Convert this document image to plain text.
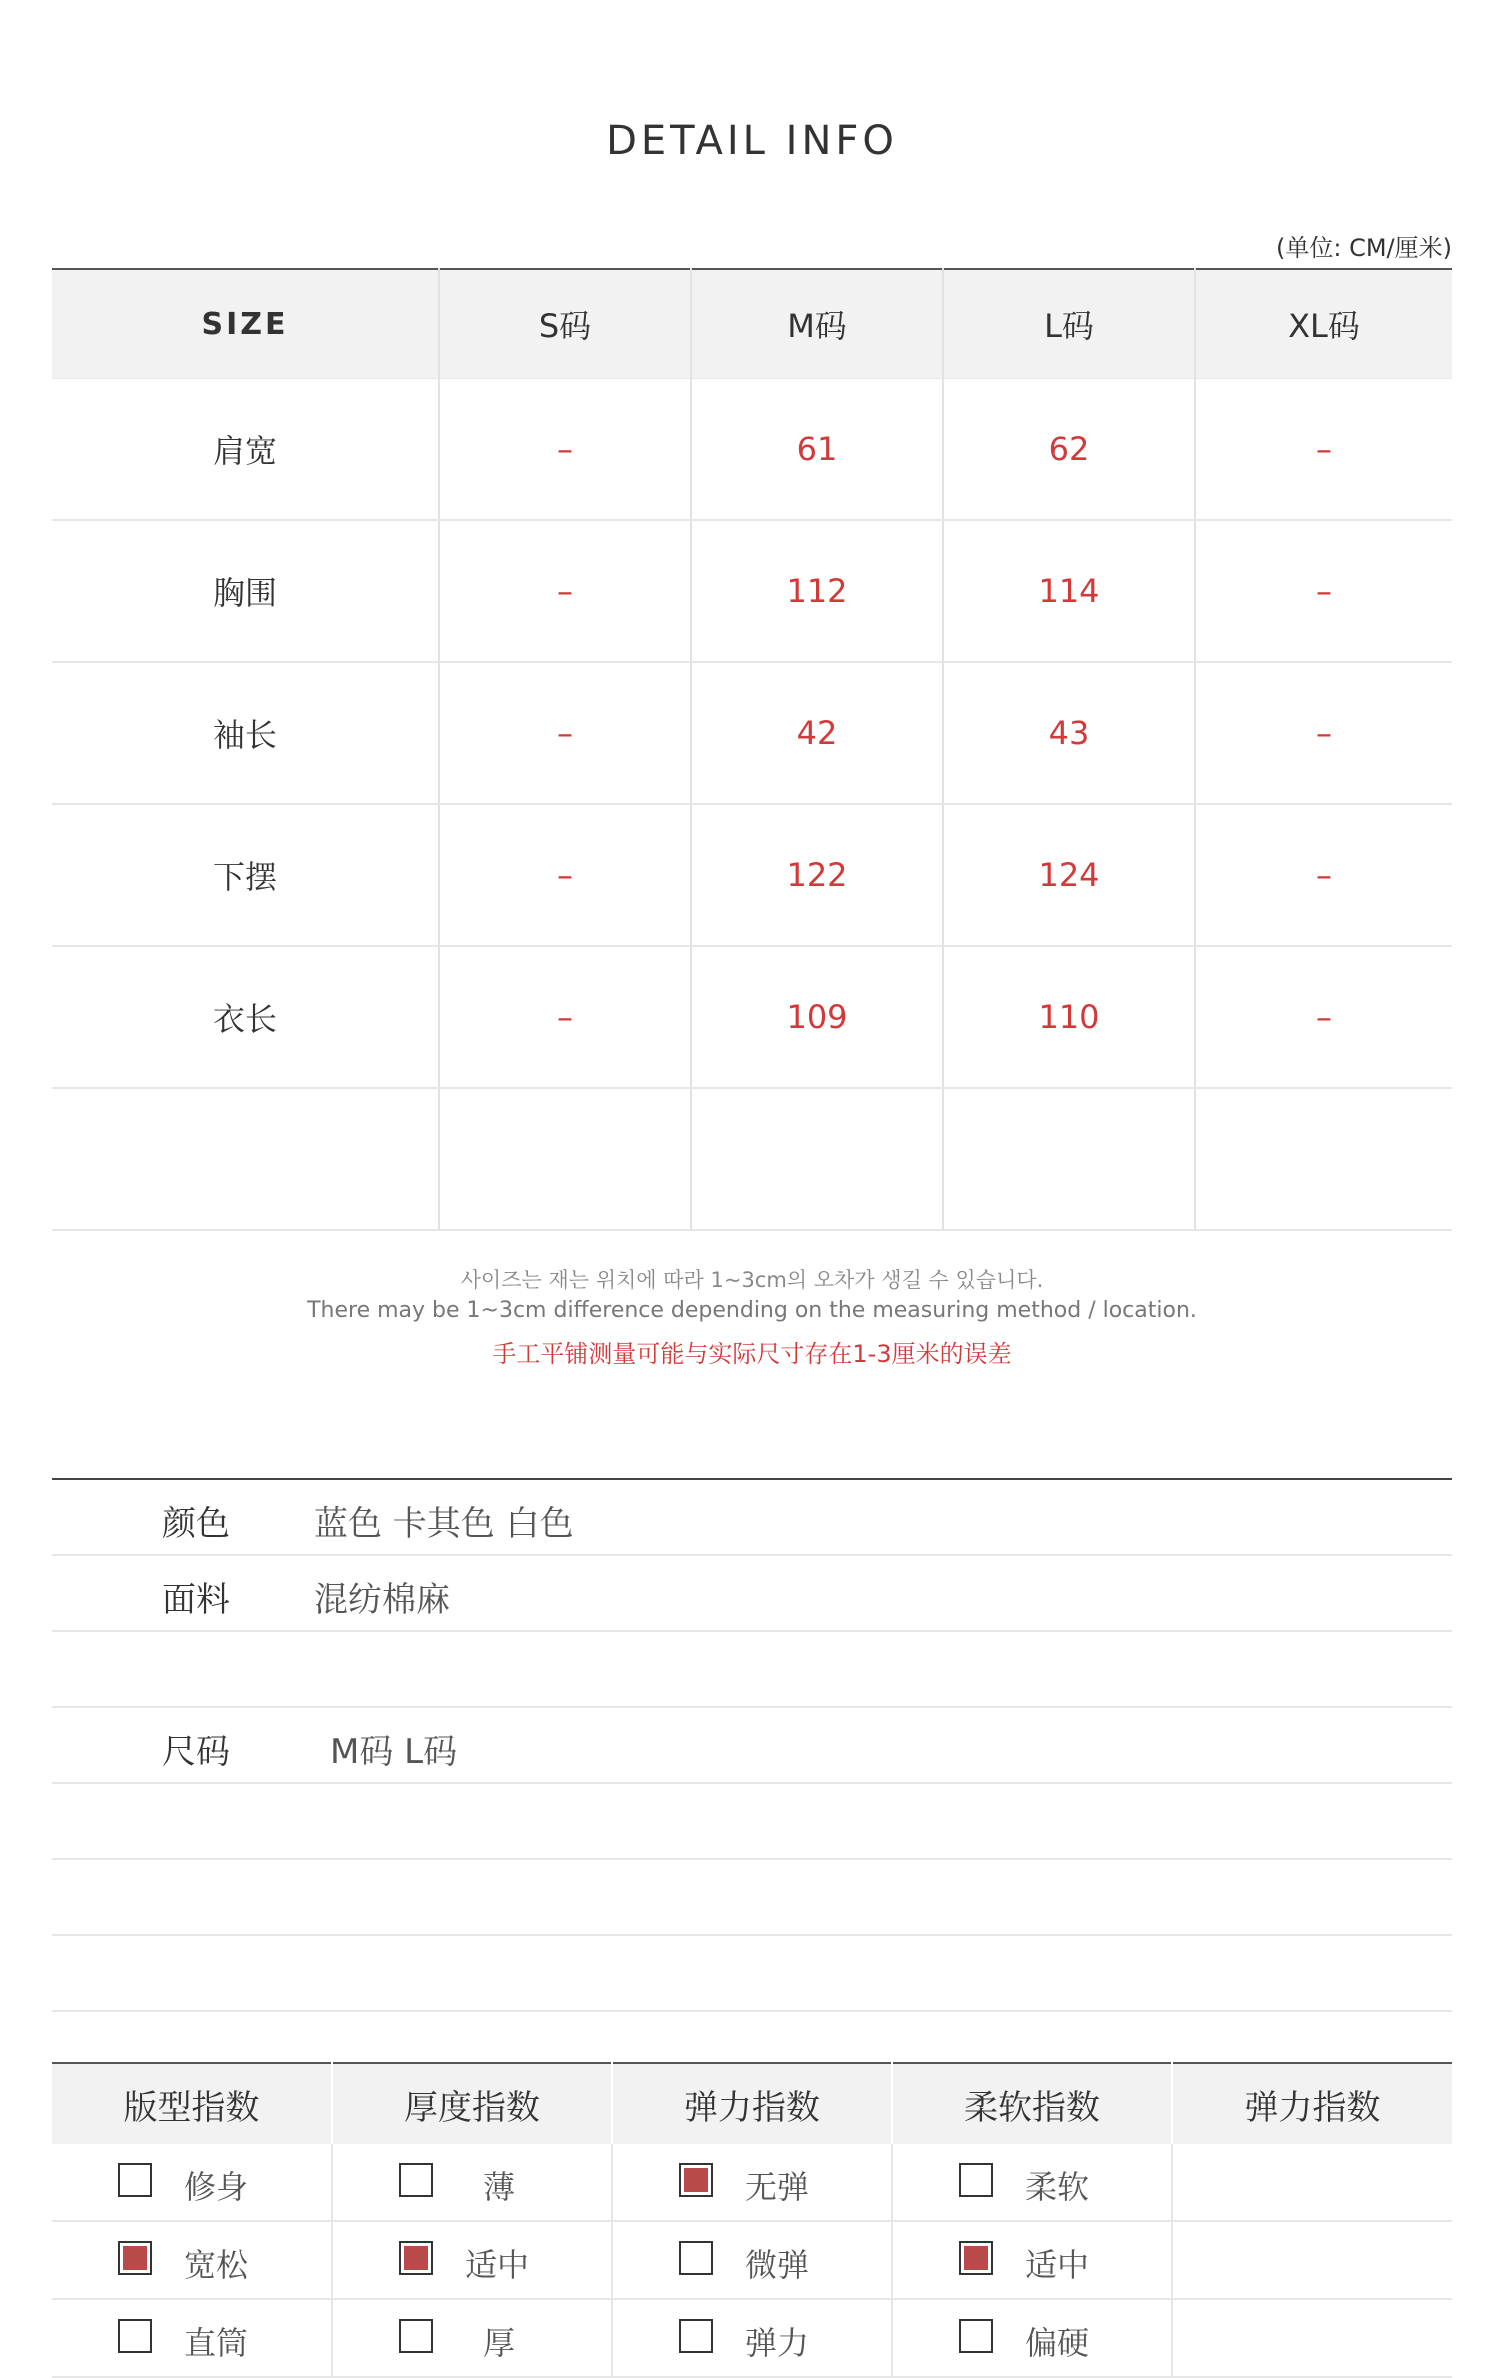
DETAIL INFO
(单位: CM/厘米)
SIZE	S码	M码	L码	XL码
肩宽	–	61	62	–
胸围	–	112	114	–
袖长	–	42	43	–
下摆	–	122	124	–
衣长	–	109	110	–

사이즈는 재는 위치에 따라 1~3cm의 오차가 생길 수 있습니다.
There may be 1~3cm difference depending on the measuring method / location.
手工平铺测量可能与实际尺寸存在1-3厘米的误差
颜色 蓝色 卡其色 白色
面料 混纺棉麻
尺码	M码 L码
版型指数	厚度指数	弹力指数	柔软指数	弹力指数

修身	薄	无弹	柔软	

宽松	适中	微弹	适中	

直筒	厚	弹力	偏硬	
